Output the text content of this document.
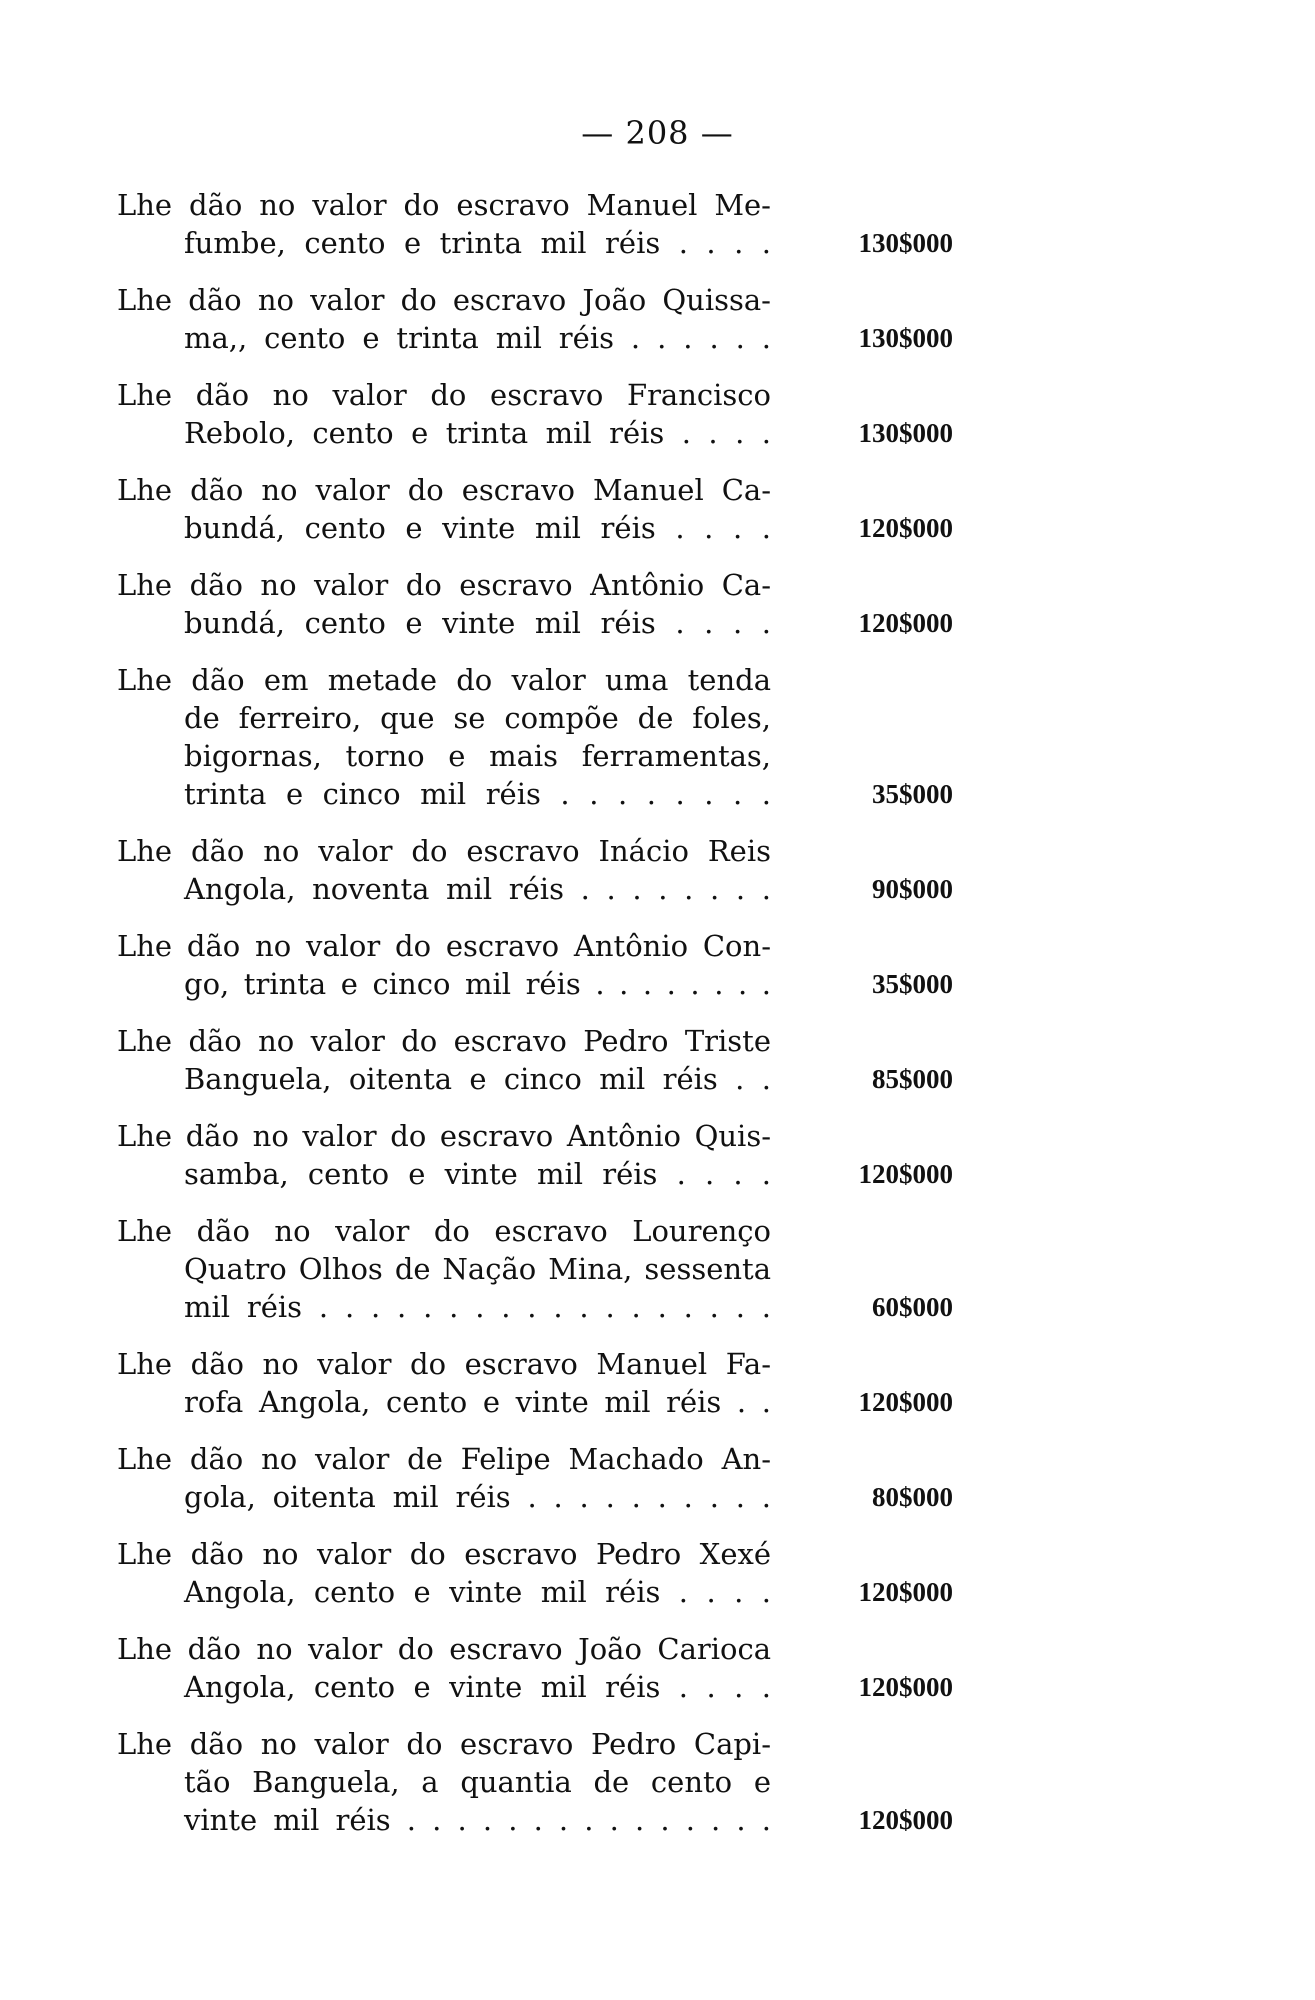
— 208 —
Lhe dão no valor do escravo Manuel Me-
fumbe, cento e trinta mil réis . . . .	130$000
Lhe dão no valor do escravo João Quissa-
ma,, cento e trinta mil réis . . . . . .	130$000
Lhe dão no valor do escravo Francisco
Rebolo, cento e trinta mil réis . . . .	130$000
Lhe dão no valor do escravo Manuel Ca-
bundá, cento e vinte mil réis . . . .	120$000
Lhe dão no valor do escravo Antônio Ca-
bundá, cento e vinte mil réis . . . .	120$000
Lhe dão em metade do valor uma tenda
de ferreiro, que se compõe de foles,
bigornas, torno e mais ferramentas,
trinta e cinco mil réis . . . . . . . .	35$000
Lhe dão no valor do escravo Inácio Reis
Angola, noventa mil réis . . . . . . . .	90$000
Lhe dão no valor do escravo Antônio Con-
go, trinta e cinco mil réis . . . . . . . .	35$000
Lhe dão no valor do escravo Pedro Triste
Banguela, oitenta e cinco mil réis . .	85$000
Lhe dão no valor do escravo Antônio Quis-
samba, cento e vinte mil réis . . . .	120$000
Lhe dão no valor do escravo Lourenço
Quatro Olhos de Nação Mina, sessenta
mil réis . . . . . . . . . . . . . . . . . .	60$000
Lhe dão no valor do escravo Manuel Fa-
rofa Angola, cento e vinte mil réis . .	120$000
Lhe dão no valor de Felipe Machado An-
gola, oitenta mil réis . . . . . . . . . .	80$000
Lhe dão no valor do escravo Pedro Xexé
Angola, cento e vinte mil réis . . . .	120$000
Lhe dão no valor do escravo João Carioca
Angola, cento e vinte mil réis . . . .	120$000
Lhe dão no valor do escravo Pedro Capi-
tão Banguela, a quantia de cento e
vinte mil réis . . . . . . . . . . . . . . .	120$000
